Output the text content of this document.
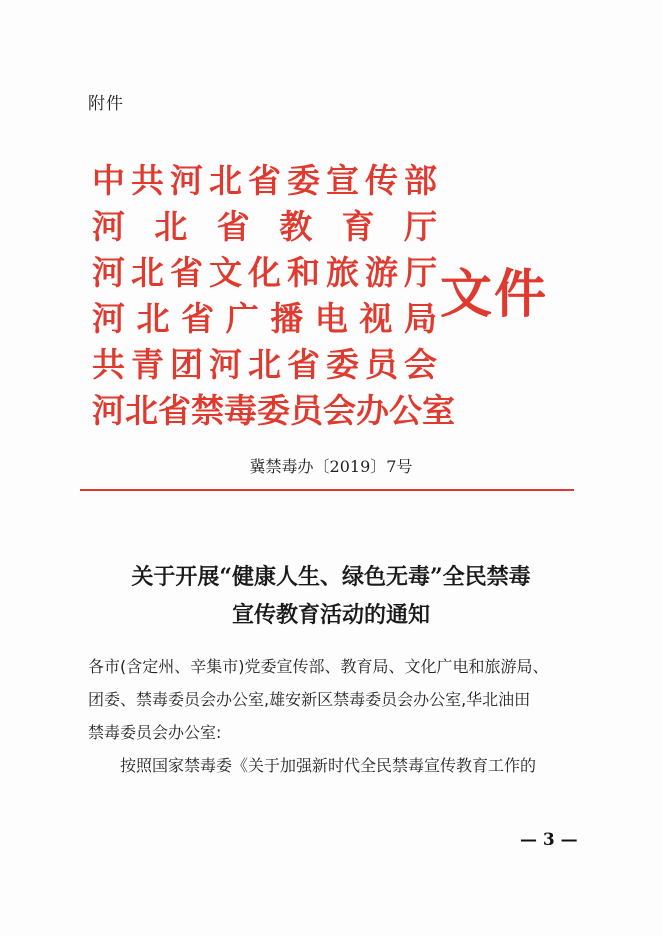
附件
中共河北省委宣传部
河北省教育厅
河北省文化和旅游厅
河北省广播电视局
共青团河北省委员会
河北省禁毒委员会办公室
文件
冀禁毒办〔2019〕7号
关于开展“健康人生、绿色无毒”全民禁毒
宣传教育活动的通知
各市(含定州、辛集市)党委宣传部、教育局、文化广电和旅游局、
团委、禁毒委员会办公室,雄安新区禁毒委员会办公室,华北油田
禁毒委员会办公室:
按照国家禁毒委《关于加强新时代全民禁毒宣传教育工作的
— 3 —
